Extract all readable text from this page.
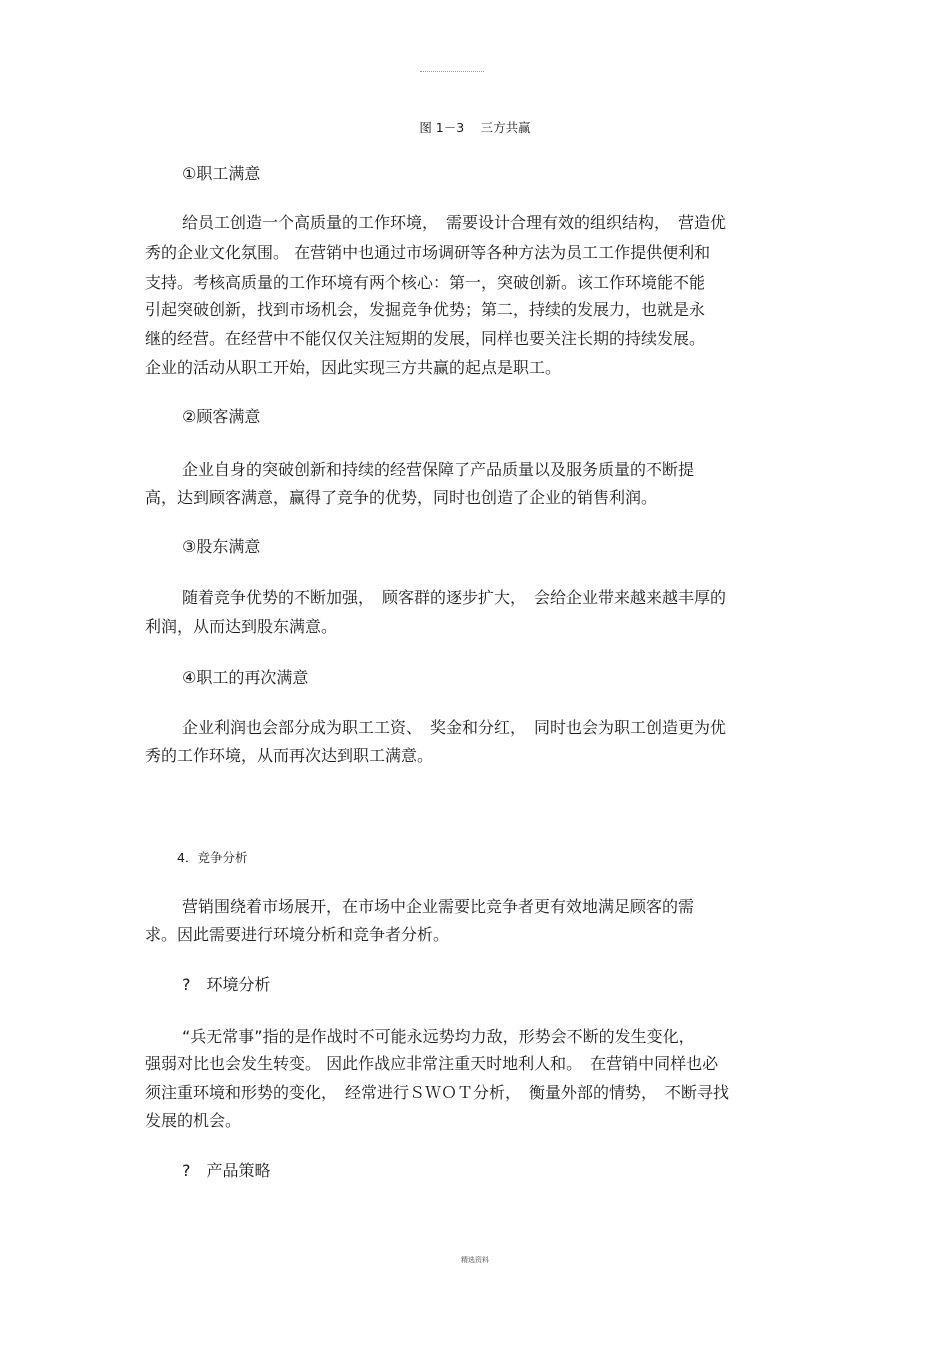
图 1－3　 三方共赢
①职工满意
给员工创造一个高质量的工作环境，　需要设计合理有效的组织结构，　营造优
秀的企业文化氛围。 在营销中也通过市场调研等各种方法为员工工作提供便利和
支持。考核高质量的工作环境有两个核心：第一，突破创新。该工作环境能不能
引起突破创新，找到市场机会，发掘竞争优势；第二，持续的发展力，也就是永
继的经营。在经营中不能仅仅关注短期的发展，同样也要关注长期的持续发展。
企业的活动从职工开始，因此实现三方共赢的起点是职工。
②顾客满意
企业自身的突破创新和持续的经营保障了产品质量以及服务质量的不断提
高，达到顾客满意，赢得了竞争的优势，同时也创造了企业的销售利润。
③股东满意
随着竞争优势的不断加强，　顾客群的逐步扩大，　会给企业带来越来越丰厚的
利润，从而达到股东满意。
④职工的再次满意
企业利润也会部分成为职工工资、　奖金和分红，　同时也会为职工创造更为优
秀的工作环境，从而再次达到职工满意。
4．竞争分析
营销围绕着市场展开，在市场中企业需要比竞争者更有效地满足顾客的需
求。因此需要进行环境分析和竞争者分析。
?　环境分析
“兵无常事”指的是作战时不可能永远势均力敌，形势会不断的发生变化，
强弱对比也会发生转变。 因此作战应非常注重天时地利人和。　在营销中同样也必
须注重环境和形势的变化，　经常进行ＳＷＯＴ分析，　衡量外部的情势，　不断寻找
发展的机会。
?　产品策略
精选资料
